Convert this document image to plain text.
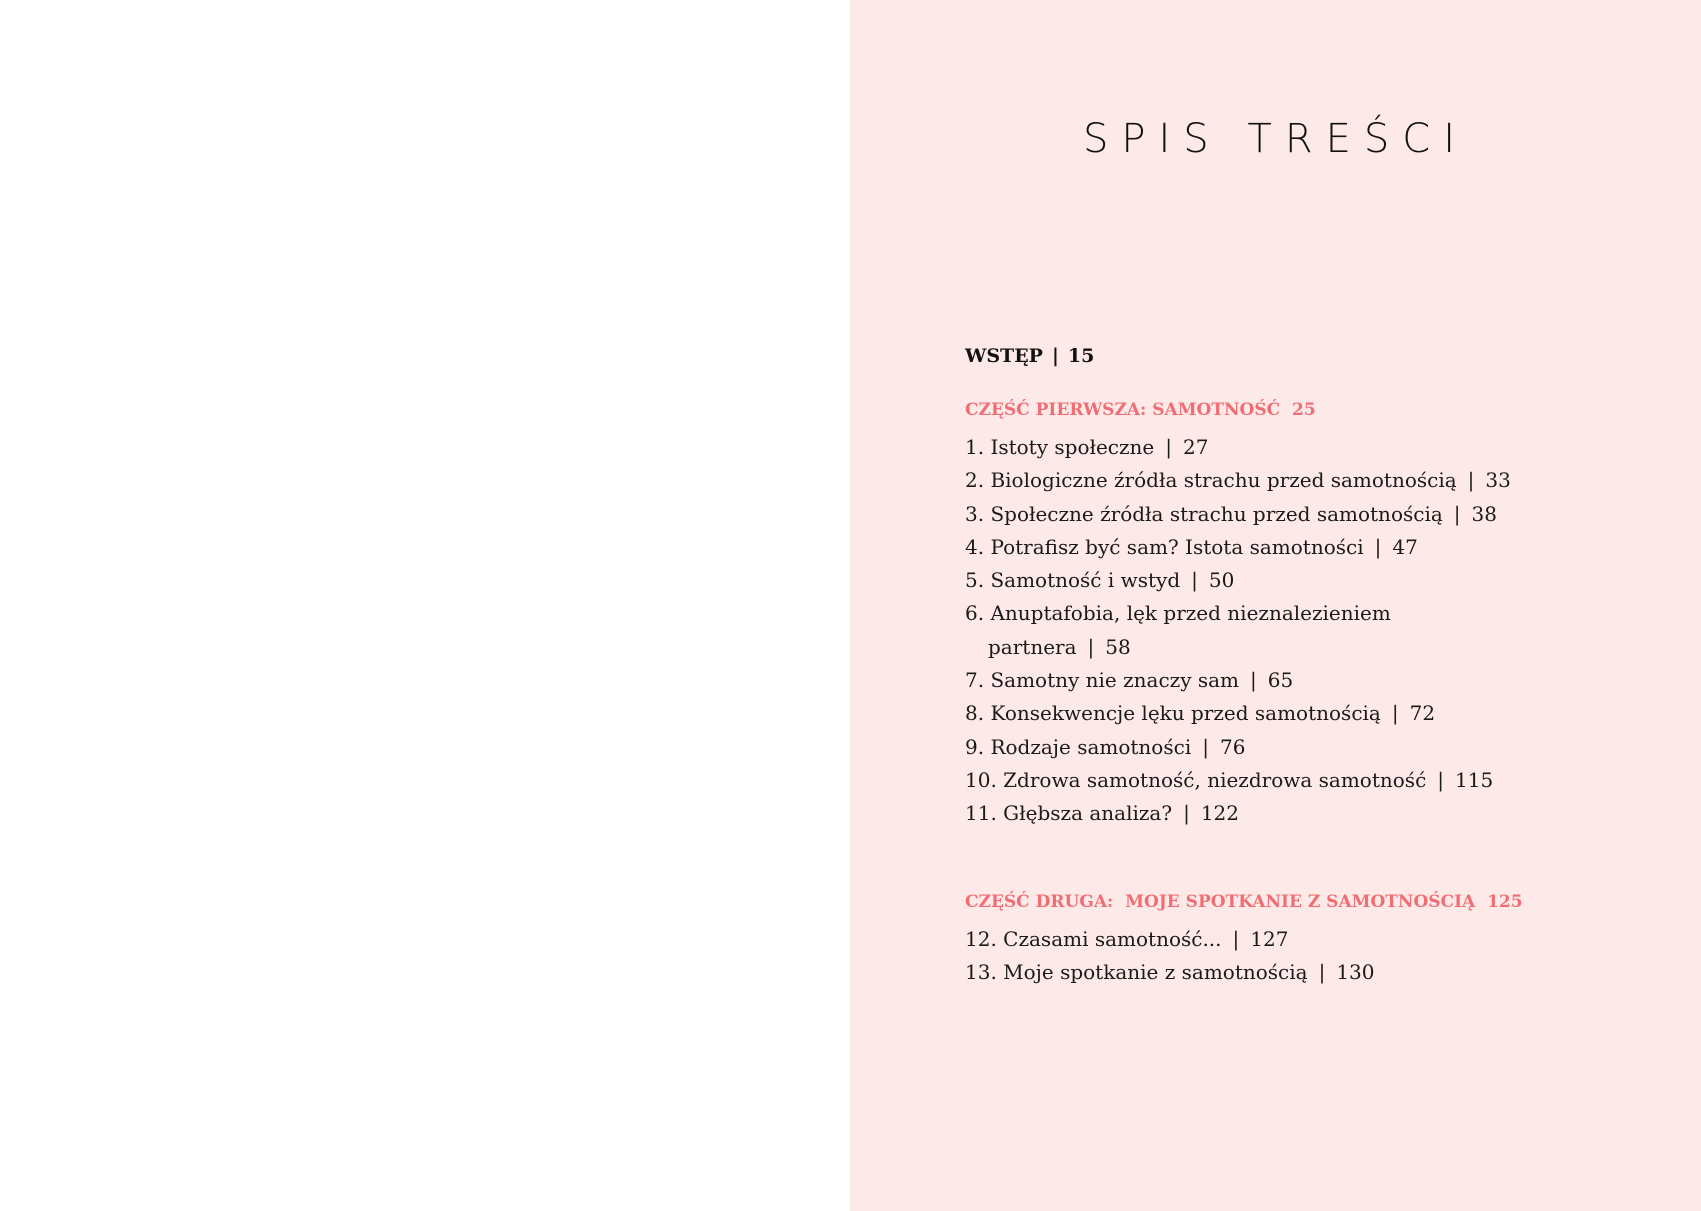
SPIS TREŚCI
WSTĘP | 15
CZĘŚĆ PIERWSZA: SAMOTNOŚĆ 25
1. Istoty społeczne | 27
2. Biologiczne źródła strachu przed samotnością | 33
3. Społeczne źródła strachu przed samotnością | 38
4. Potrafisz być sam? Istota samotności | 47
5. Samotność i wstyd | 50
6. Anuptafobia, lęk przed nieznalezieniem
partnera | 58
7. Samotny nie znaczy sam | 65
8. Konsekwencje lęku przed samotnością | 72
9. Rodzaje samotności | 76
10. Zdrowa samotność, niezdrowa samotność | 115
11. Głębsza analiza? | 122
CZĘŚĆ DRUGA:  MOJE SPOTKANIE Z SAMOTNOŚCIĄ 125
12. Czasami samotność... | 127
13. Moje spotkanie z samotnością | 130
